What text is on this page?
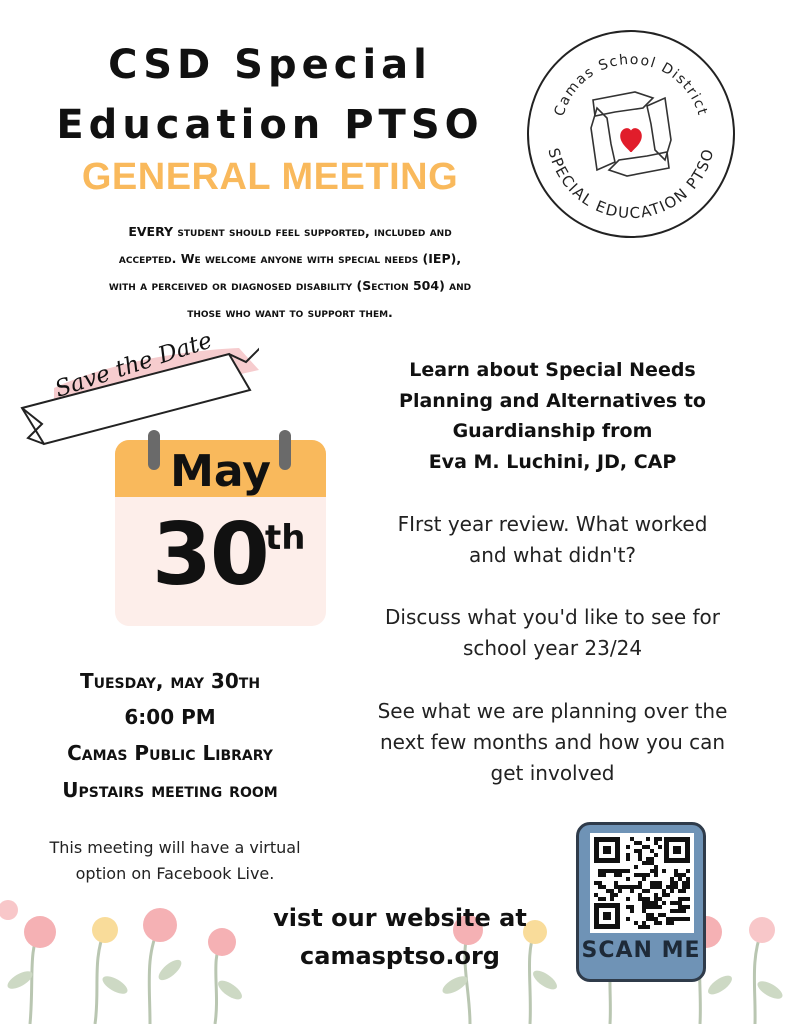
CSD Special
Education PTSO
GENERAL MEETING
EVERY student should feel supported, included and
accepted. We welcome anyone with special needs (IEP),
with a perceived or diagnosed disability (Section 504) and
those who want to support them.
Camas School District
SPECIAL EDUCATION PTSO
Save the Date
May
30
th
Tuesday, may 30th
6:00 PM
Camas Public Library
Upstairs meeting room
This meeting will have a virtual
option on Facebook Live.
Learn about Special Needs
Planning and Alternatives to
Guardianship from
Eva M. Luchini, JD, CAP
FIrst year review. What worked
and what didn't?
Discuss what you'd like to see for
school year 23/24
See what we are planning over the
next few months and how you can
get involved
vist our website at
camasptso.org	SCAN ME
